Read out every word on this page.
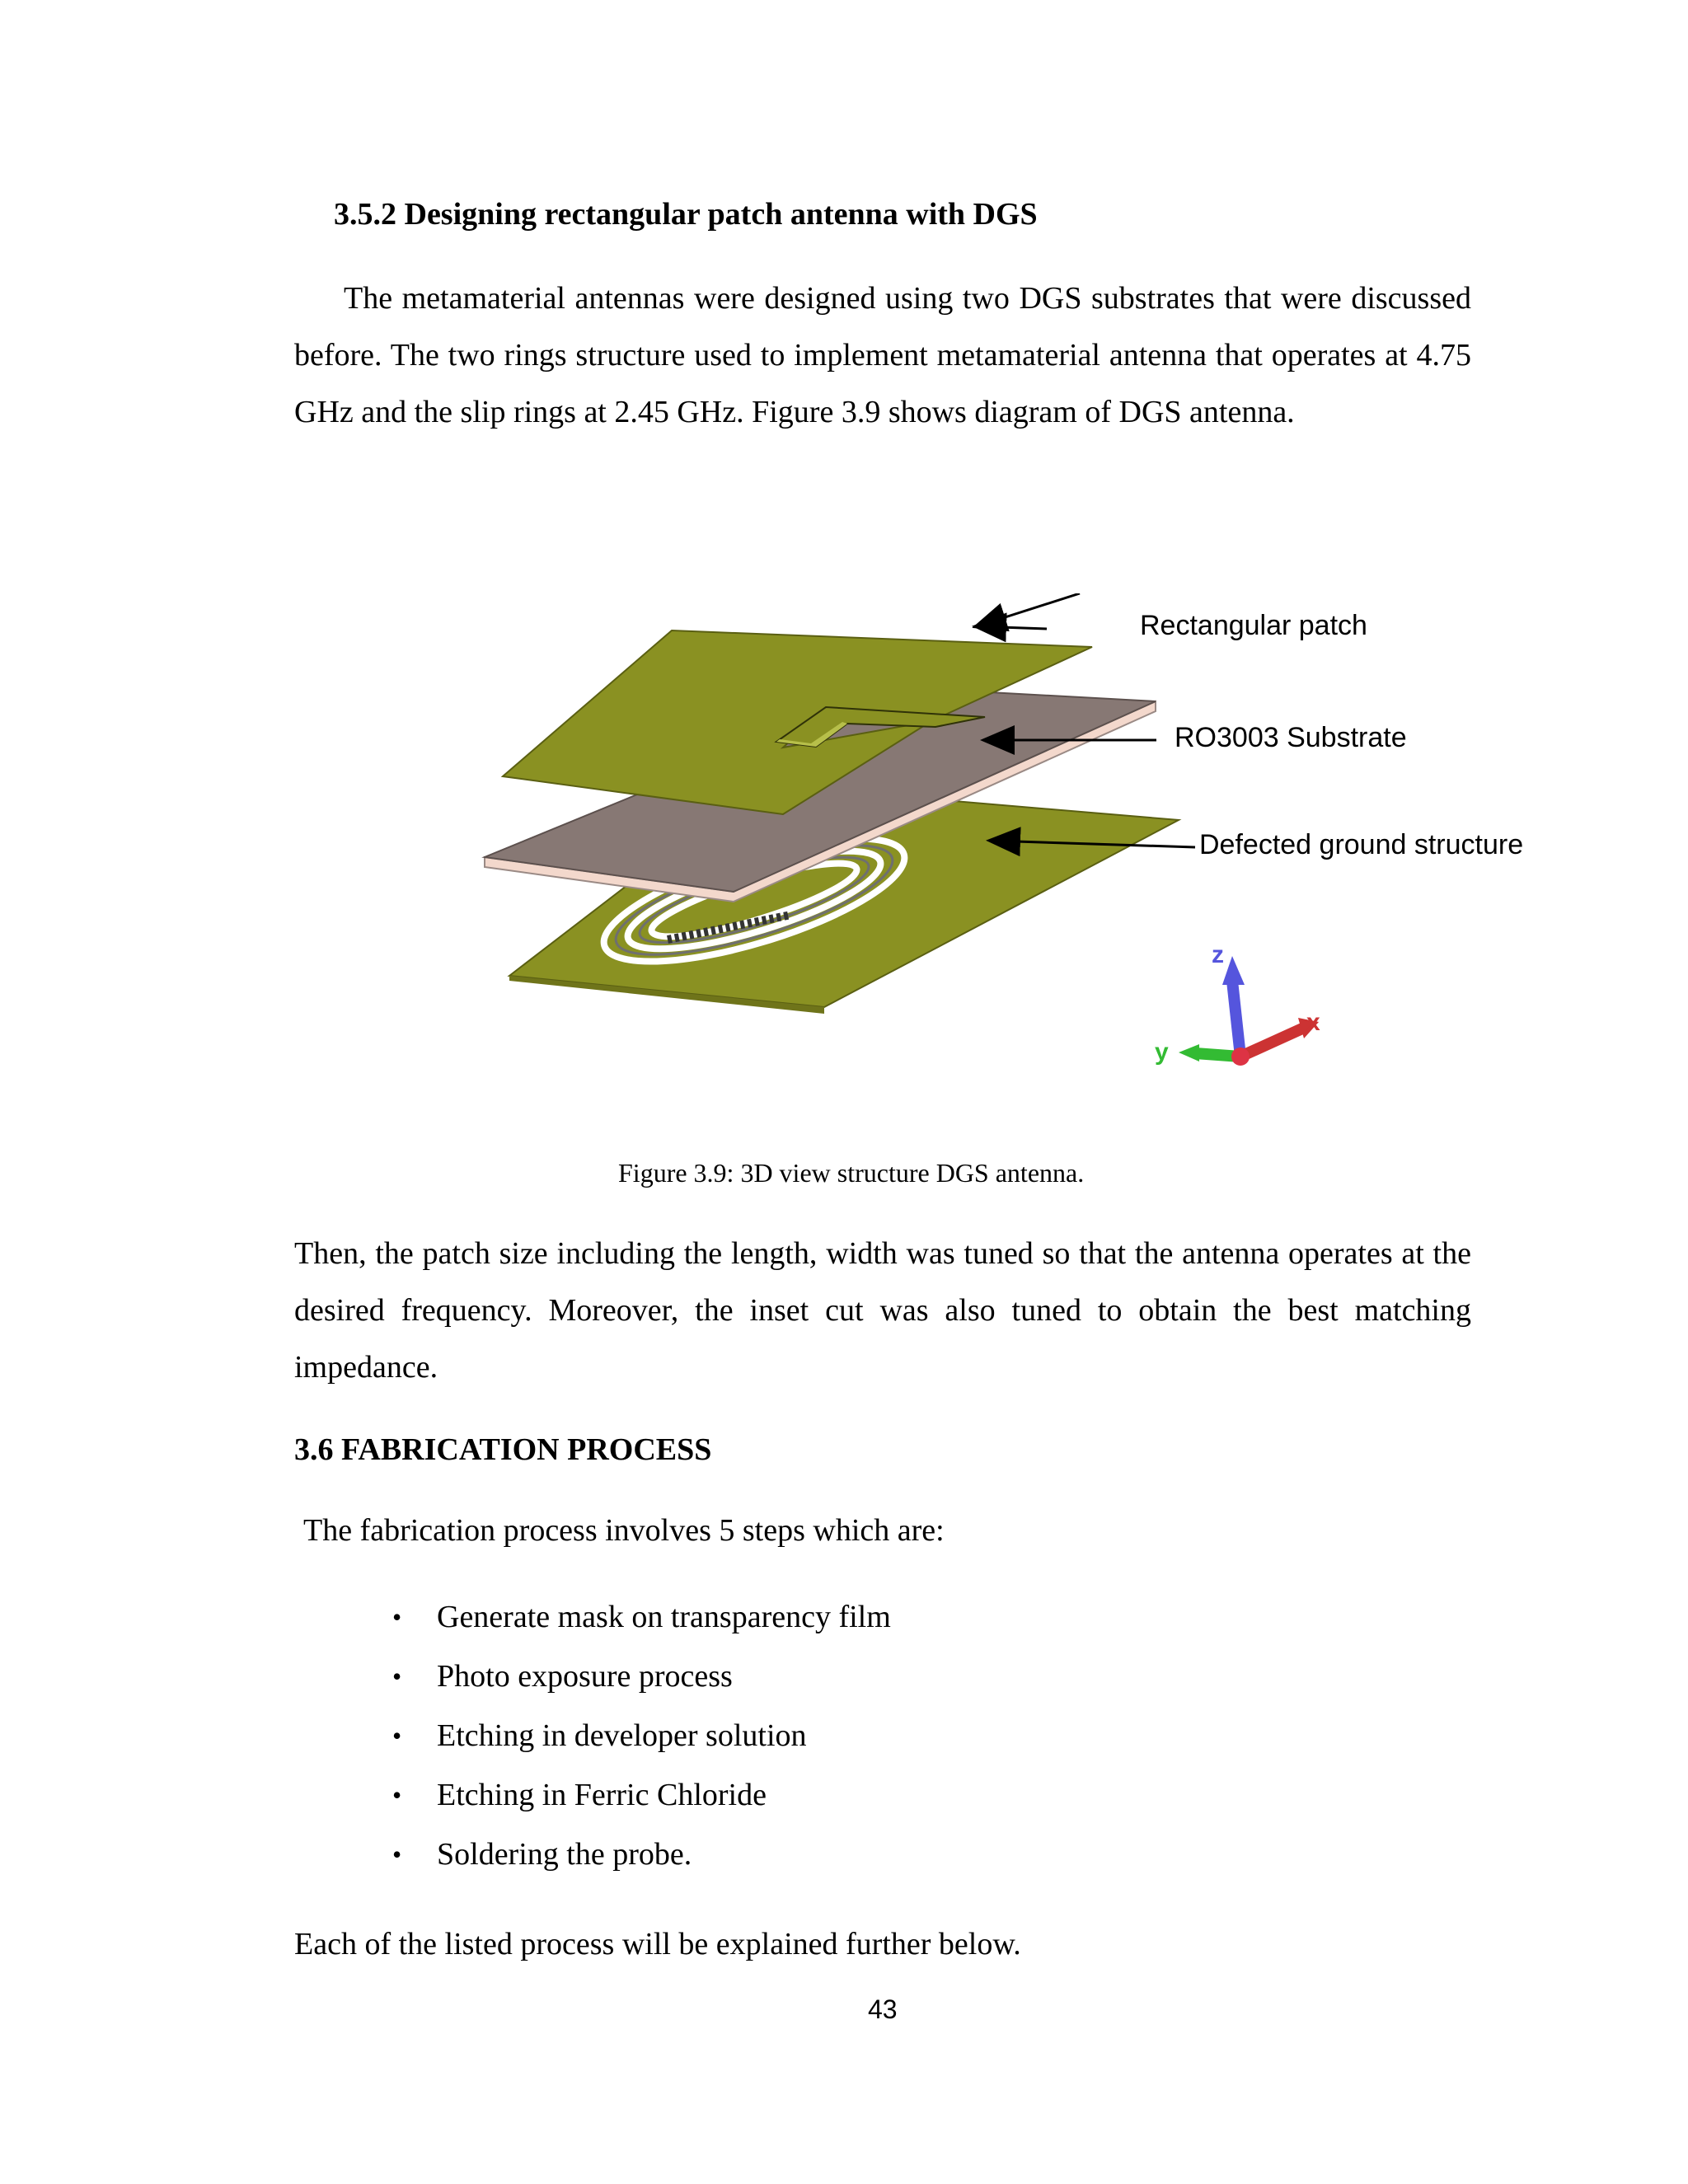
3.5.2 Designing rectangular patch antenna with DGS
The metamaterial antennas were designed using two DGS substrates that were discussed before. The two rings structure used to implement metamaterial antenna that operates at 4.75 GHz and the slip rings at 2.45 GHz. Figure 3.9 shows diagram of DGS antenna.
Rectangular patch
RO3003 Substrate
Defected ground structure
z
y
x
Figure 3.9: 3D view structure DGS antenna.
Then, the patch size including the length, width was tuned so that the antenna operates at the desired frequency. Moreover, the inset cut was also tuned to obtain the best matching impedance.
3.6 FABRICATION PROCESS
The fabrication process involves 5 steps which are:
• Generate mask on transparency film
• Photo exposure process
• Etching in developer solution
• Etching in Ferric Chloride
• Soldering the probe.
Each of the listed process will be explained further below.
43
